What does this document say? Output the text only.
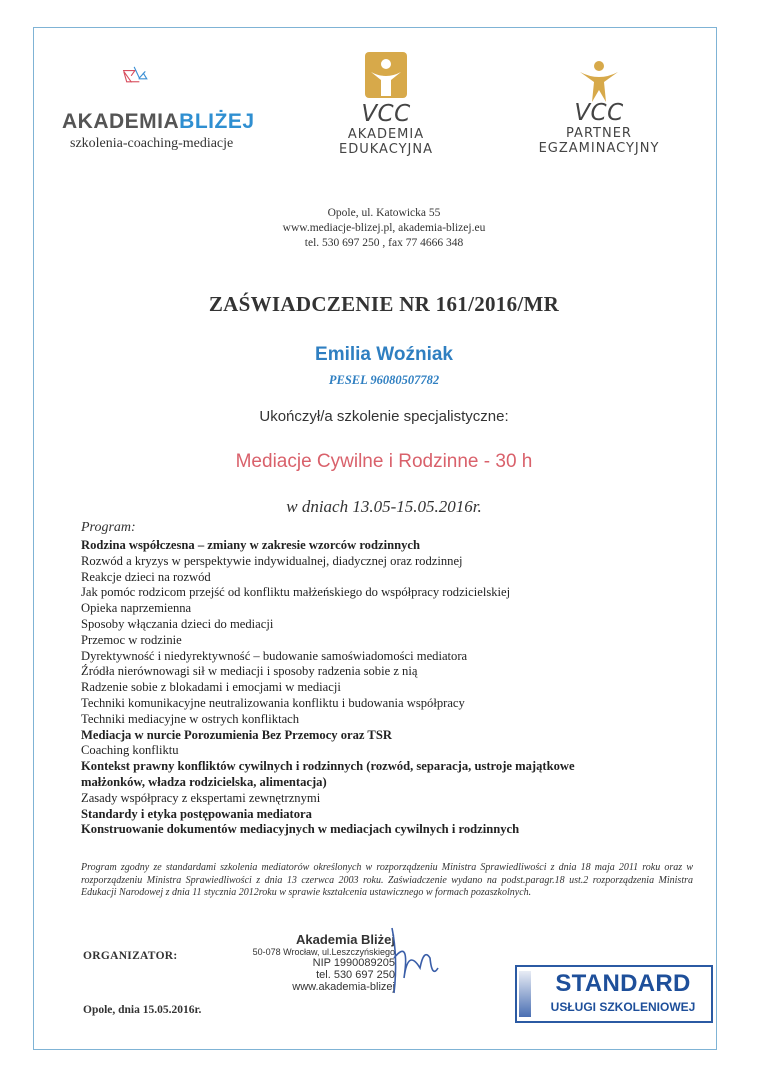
AKADEMIABLIŻEJ
szkolenia-coaching-mediacje
VCC
AKADEMIA
EDUKACYJNA
VCC
PARTNER
EGZAMINACYJNY
Opole, ul. Katowicka 55
www.mediacje-blizej.pl, akademia-blizej.eu
tel. 530 697 250 , fax 77 4666 348
ZAŚWIADCZENIE NR 161/2016/MR
Emilia Woźniak
PESEL 96080507782
Ukończył/a szkolenie specjalistyczne:
Mediacje Cywilne i Rodzinne - 30 h
w dniach 13.05-15.05.2016r.
Program:
Rodzina współczesna – zmiany w zakresie wzorców rodzinnych
Rozwód a kryzys w perspektywie indywidualnej, diadycznej oraz rodzinnej
Reakcje dzieci na rozwód
Jak pomóc rodzicom przejść od konfliktu małżeńskiego do współpracy rodzicielskiej
Opieka naprzemienna
Sposoby włączania dzieci do mediacji
Przemoc w rodzinie
Dyrektywność i niedyrektywność – budowanie samoświadomości mediatora
Źródła nierównowagi sił w mediacji i sposoby radzenia sobie z nią
Radzenie sobie z blokadami i emocjami w mediacji
Techniki komunikacyjne neutralizowania konfliktu i budowania współpracy
Techniki mediacyjne w ostrych konfliktach
Mediacja w nurcie Porozumienia Bez Przemocy oraz TSR
Coaching konfliktu
Kontekst prawny konfliktów cywilnych i rodzinnych (rozwód, separacja, ustroje majątkowe
małżonków, władza rodzicielska, alimentacja)
Zasady współpracy z ekspertami zewnętrznymi
Standardy i etyka postępowania mediatora
Konstruowanie dokumentów mediacyjnych w mediacjach cywilnych i rodzinnych
Program zgodny ze standardami szkolenia mediatorów określonych w rozporządzeniu Ministra Sprawiedliwości z dnia 18 maja 2011 roku oraz w rozporządzeniu Ministra Sprawiedliwości z dnia 13 czerwca 2003 roku. Zaświadczenie wydano na podst.paragr.18 ust.2 rozporządzenia Ministra Edukacji Narodowej z dnia 11 stycznia 2012roku w sprawie kształcenia ustawicznego w formach pozaszkolnych.
ORGANIZATOR:
Akademia Bliżej
50-078 Wrocław, ul.Leszczyńskiego
NIP 1990089205
tel. 530 697 250
www.akademia-blizej
Opole, dnia 15.05.2016r.
STANDARD
USŁUGI SZKOLENIOWEJ
